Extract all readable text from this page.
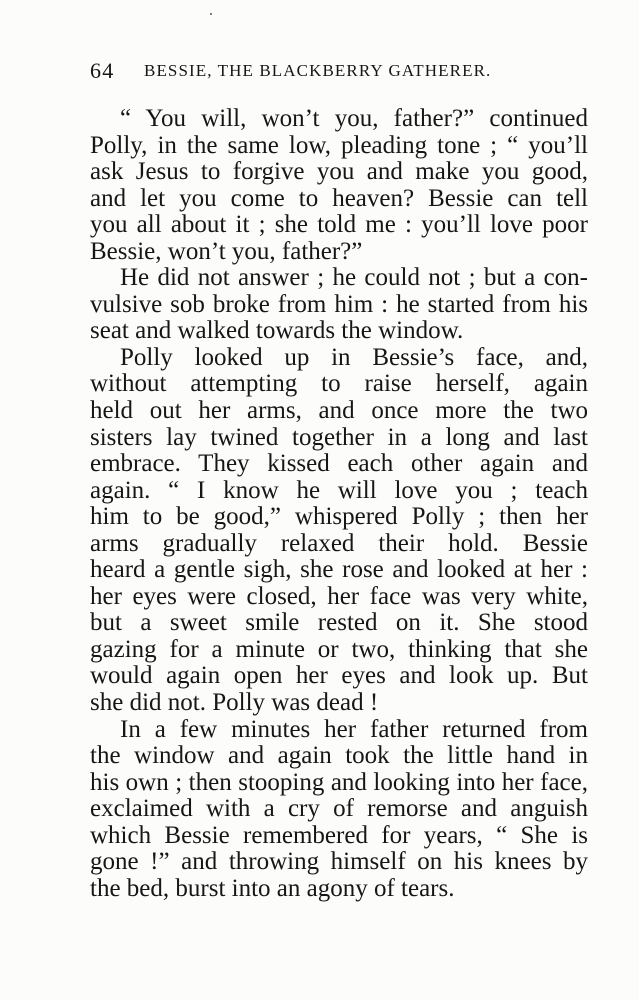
64 BESSIE, THE BLACKBERRY GATHERER.
“ You will, won’t you, father?” continued
Polly, in the same low, pleading tone ; “ you’ll
ask Jesus to forgive you and make you good,
and let you come to heaven? Bessie can tell
you all about it ; she told me : you’ll love poor
Bessie, won’t you, father?”
He did not answer ; he could not ; but a con-
vulsive sob broke from him : he started from his
seat and walked towards the window.
Polly looked up in Bessie’s face, and,
without attempting to raise herself, again
held out her arms, and once more the two
sisters lay twined together in a long and last
embrace. They kissed each other again and
again. “ I know he will love you ; teach
him to be good,” whispered Polly ; then her
arms gradually relaxed their hold. Bessie
heard a gentle sigh, she rose and looked at her :
her eyes were closed, her face was very white,
but a sweet smile rested on it. She stood
gazing for a minute or two, thinking that she
would again open her eyes and look up. But
she did not. Polly was dead !
In a few minutes her father returned from
the window and again took the little hand in
his own ; then stooping and looking into her face,
exclaimed with a cry of remorse and anguish
which Bessie remembered for years, “ She is
gone !” and throwing himself on his knees by
the bed, burst into an agony of tears.
